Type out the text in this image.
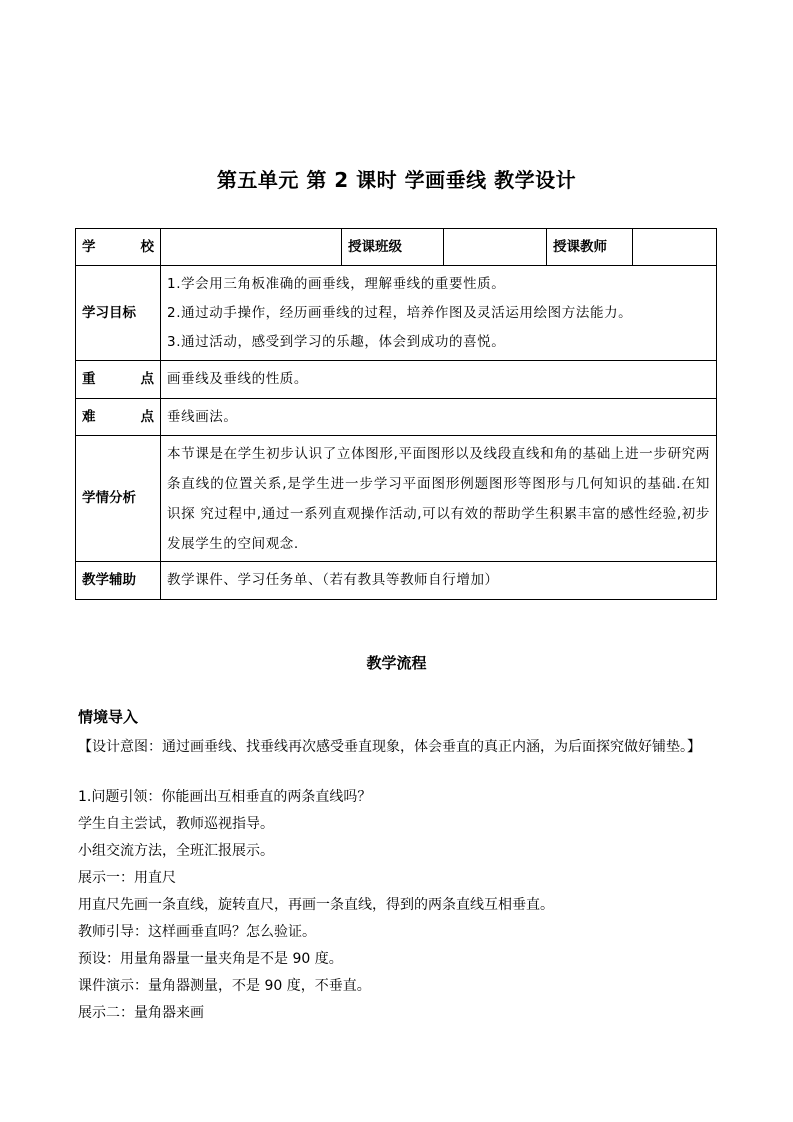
第五单元 第 2 课时 学画垂线 教学设计
学 校		授课班级		授课教师	
学习目标	1.学会用三角板准确的画垂线，理解垂线的重要性质。
2.通过动手操作，经历画垂线的过程，培养作图及灵活运用绘图方法能力。
3.通过活动，感受到学习的乐趣，体会到成功的喜悦。				

重 点	画垂线及垂线的性质。				

难 点	垂线画法。				
学情分析	本节课是在学生初步认识了立体图形,平面图形以及线段直线和角的基础上进一步研究两条直线的位置关系,是学生进一步学习平面图形例题图形等图形与几何知识的基础.在知识探 究过程中,通过一系列直观操作活动,可以有效的帮助学生积累丰富的感性经验,初步发展学生的空间观念.				

教学辅助	教学课件、学习任务单、（若有教具等教师自行增加）				
教学流程
情境导入
【设计意图：通过画垂线、找垂线再次感受垂直现象，体会垂直的真正内涵，为后面探究做好铺垫。】
1.问题引领：你能画出互相垂直的两条直线吗？
学生自主尝试，教师巡视指导。
小组交流方法，全班汇报展示。
展示一：用直尺
用直尺先画一条直线，旋转直尺，再画一条直线，得到的两条直线互相垂直。
教师引导：这样画垂直吗？怎么验证。
预设：用量角器量一量夹角是不是 90 度。
课件演示：量角器测量，不是 90 度，不垂直。
展示二：量角器来画
